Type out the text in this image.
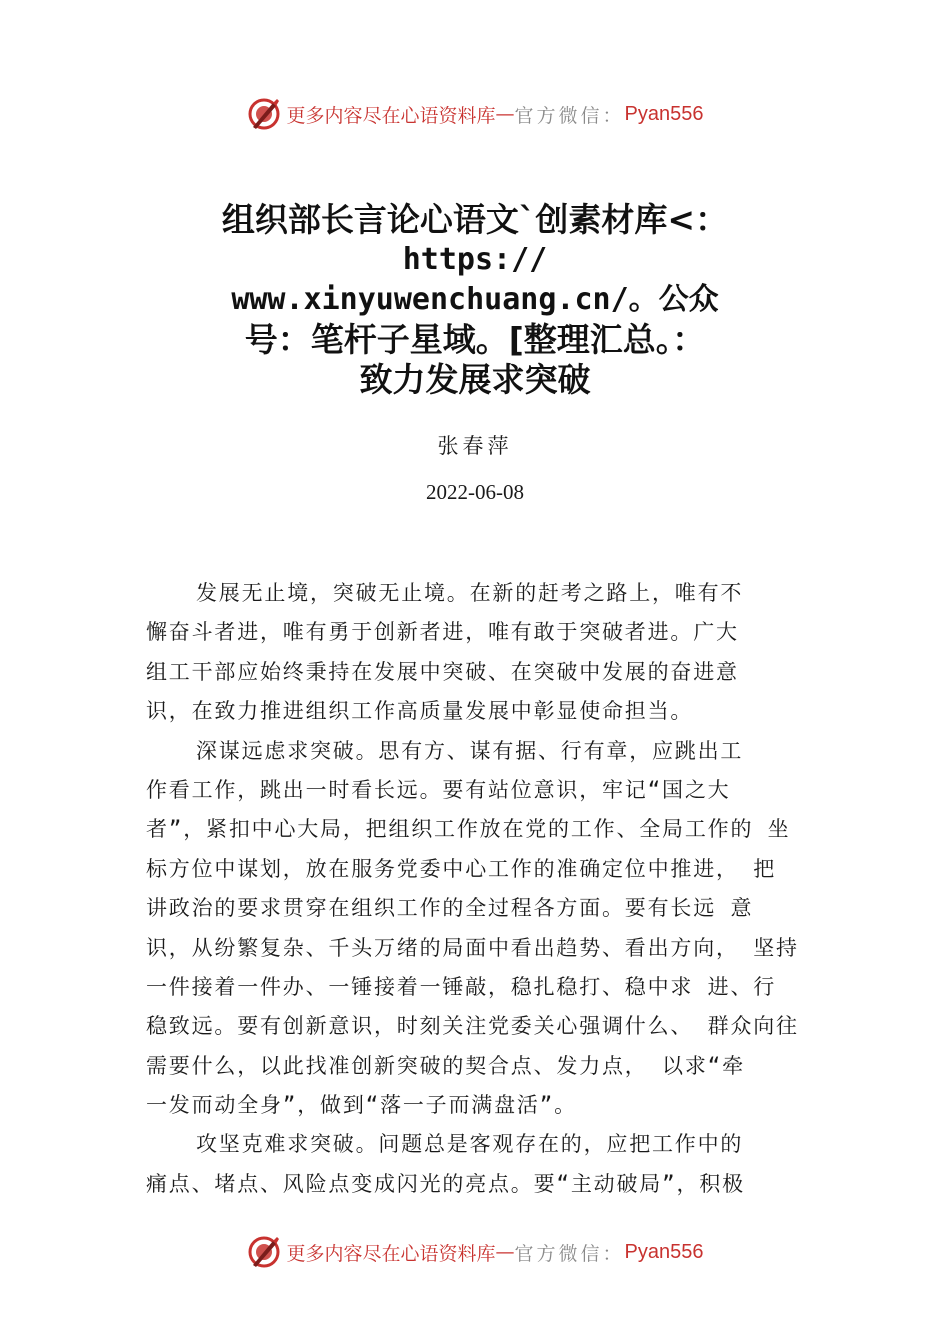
更多内容尽在心语资料库 — 官方微信： Pyan556
组织部长言论心语文`创素材库<：
https://
www.xinyuwenchuang.cn/。公众
号：笔杆子星域。[整理汇总。：
致力发展求突破
张春萍
2022-06-08
发展无止境，突破无止境。在新的赶考之路上，唯有不
懈奋斗者进，唯有勇于创新者进，唯有敢于突破者进。广大
组工干部应始终秉持在发展中突破、在突破中发展的奋进意
识，在致力推进组织工作高质量发展中彰显使命担当。
深谋远虑求突破。思有方、谋有据、行有章，应跳出工
作看工作，跳出一时看长远。要有站位意识，牢记“国之大
者”，紧扣中心大局，把组织工作放在党的工作、全局工作的 坐
标方位中谋划，放在服务党委中心工作的准确定位中推进， 把
讲政治的要求贯穿在组织工作的全过程各方面。要有长远 意
识，从纷繁复杂、千头万绪的局面中看出趋势、看出方向， 坚持
一件接着一件办、一锤接着一锤敲，稳扎稳打、稳中求 进、行
稳致远。要有创新意识，时刻关注党委关心强调什么、 群众向往
需要什么，以此找准创新突破的契合点、发力点， 以求“牵
一发而动全身”，做到“落一子而满盘活”。
攻坚克难求突破。问题总是客观存在的，应把工作中的
痛点、堵点、风险点变成闪光的亮点。要“主动破局”，积极
更多内容尽在心语资料库 — 官方微信： Pyan556
